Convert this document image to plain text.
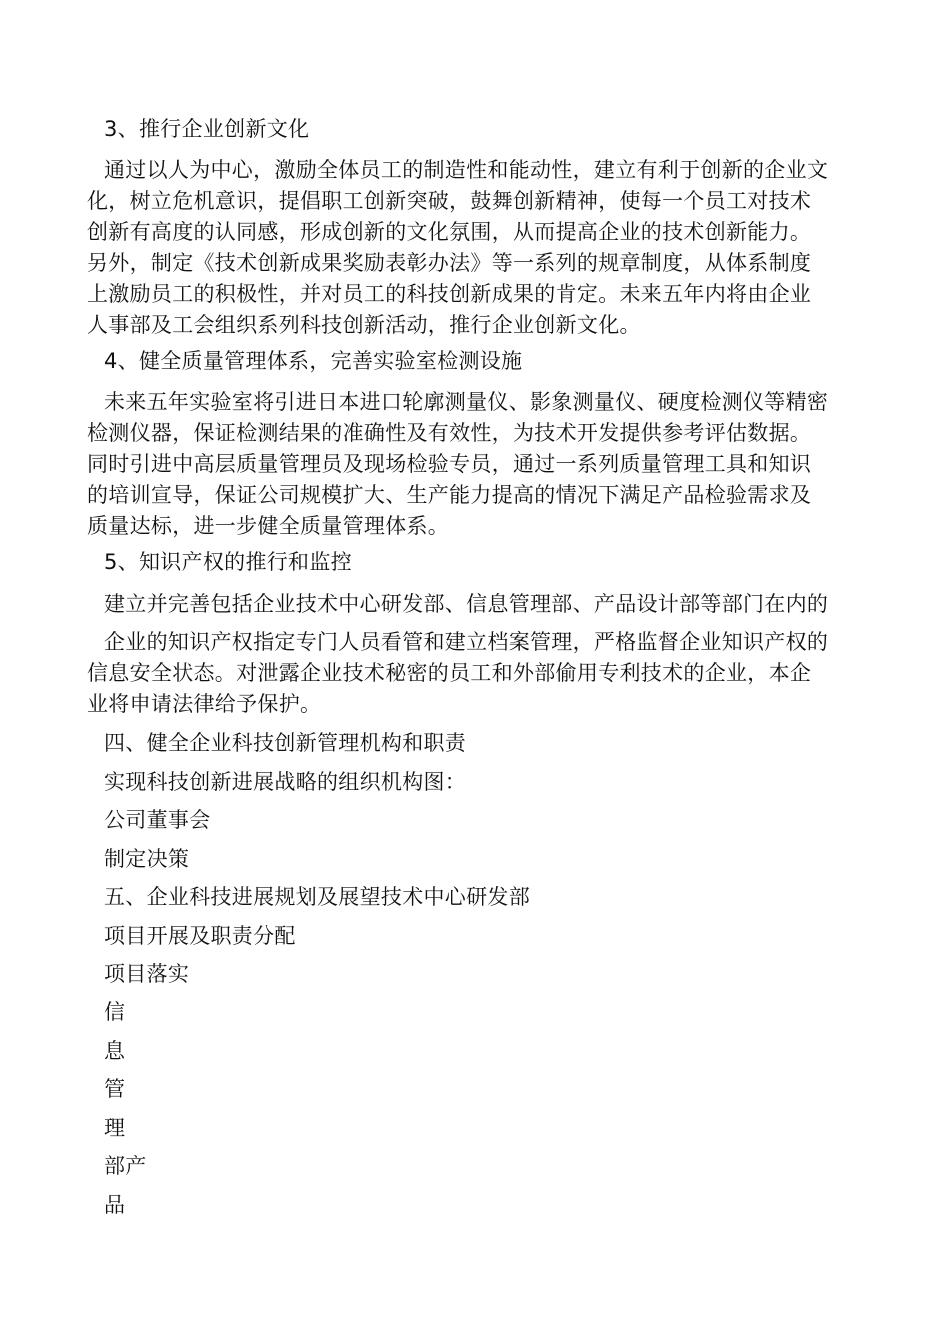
3、推行企业创新文化
通过以人为中心，激励全体员工的制造性和能动性，建立有利于创新的企业文
化，树立危机意识，提倡职工创新突破，鼓舞创新精神，使每一个员工对技术
创新有高度的认同感，形成创新的文化氛围，从而提高企业的技术创新能力。
另外，制定《技术创新成果奖励表彰办法》等一系列的规章制度，从体系制度
上激励员工的积极性，并对员工的科技创新成果的肯定。未来五年内将由企业
人事部及工会组织系列科技创新活动，推行企业创新文化。
4、健全质量管理体系，完善实验室检测设施
未来五年实验室将引进日本进口轮廓测量仪、影象测量仪、硬度检测仪等精密
检测仪器，保证检测结果的准确性及有效性，为技术开发提供参考评估数据。
同时引进中高层质量管理员及现场检验专员，通过一系列质量管理工具和知识
的培训宣导，保证公司规模扩大、生产能力提高的情况下满足产品检验需求及
质量达标，进一步健全质量管理体系。
5、知识产权的推行和监控
建立并完善包括企业技术中心研发部、信息管理部、产品设计部等部门在内的
企业的知识产权指定专门人员看管和建立档案管理，严格监督企业知识产权的
信息安全状态。对泄露企业技术秘密的员工和外部偷用专利技术的企业，本企
业将申请法律给予保护。
四、健全企业科技创新管理机构和职责
实现科技创新进展战略的组织机构图：
公司董事会
制定决策
五、企业科技进展规划及展望技术中心研发部
项目开展及职责分配
项目落实
信
息
管
理
部产
品
